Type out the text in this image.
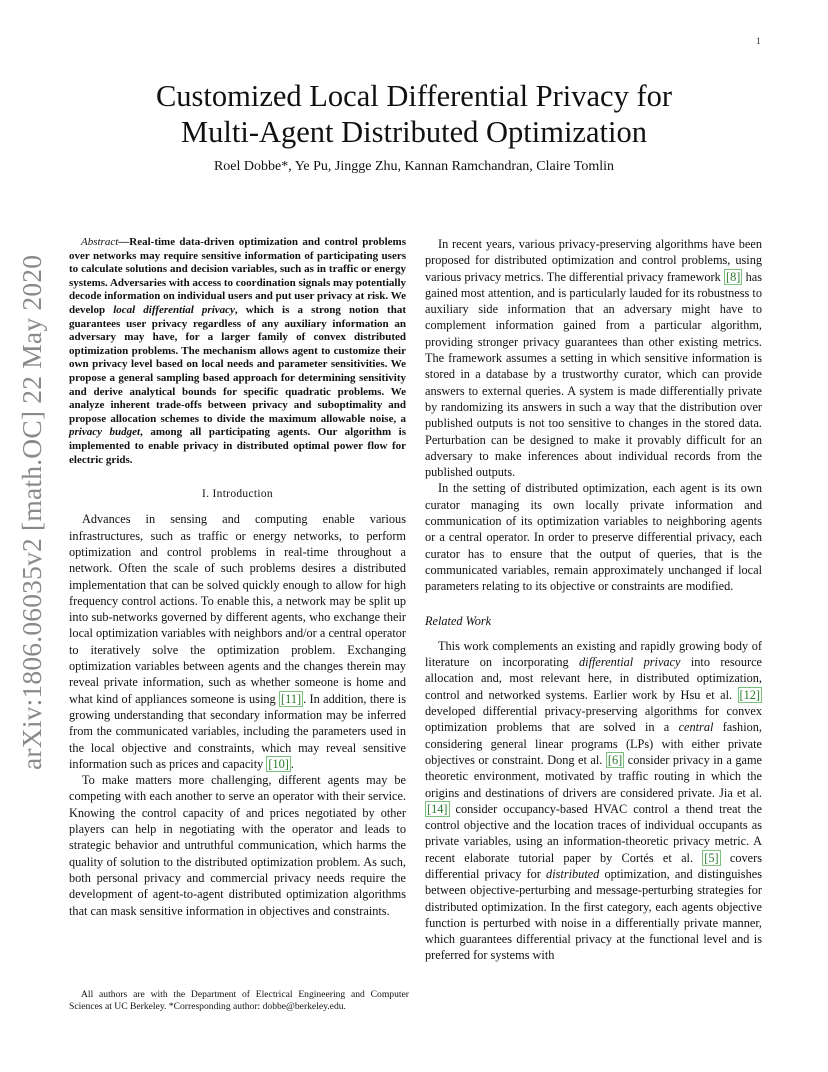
1
arXiv:1806.06035v2 [math.OC] 22 May 2020
Customized Local Differential Privacy for
Multi-Agent Distributed Optimization

Roel Dobbe*, Ye Pu, Jingge Zhu, Kannan Ramchandran, Claire Tomlin

Abstract—Real-time data-driven optimization and control problems over networks may require sensitive information of participating users to calculate solutions and decision variables, such as in traffic or energy systems. Adversaries with access to coordination signals may potentially decode information on individual users and put user privacy at risk. We develop local differential privacy, which is a strong notion that guarantees user privacy regardless of any auxiliary information an adversary may have, for a larger family of convex distributed optimization problems. The mechanism allows agent to customize their own privacy level based on local needs and parameter sensitivities. We propose a general sampling based approach for determining sensitivity and derive analytical bounds for specific quadratic problems. We analyze inherent trade-offs between privacy and suboptimality and propose allocation schemes to divide the maximum allowable noise, a privacy budget, among all participating agents. Our algorithm is implemented to enable privacy in distributed optimal power flow for electric grids.

I. Introduction

Advances in sensing and computing enable various infrastructures, such as traffic or energy networks, to perform optimization and control problems in real-time throughout a network. Often the scale of such problems desires a distributed implementation that can be solved quickly enough to allow for high frequency control actions. To enable this, a network may be split up into sub-networks governed by different agents, who exchange their local optimization variables with neighbors and/or a central operator to iteratively solve the optimization problem. Exchanging optimization variables between agents and the changes therein may reveal private information, such as whether someone is home and what kind of appliances someone is using [11] . In addition, there is growing understanding that secondary information may be inferred from the communicated variables, including the parameters used in the local objective and constraints, which may reveal sensitive information such as prices and capacity [10] .

To make matters more challenging, different agents may be competing with each another to serve an operator with their service. Knowing the control capacity of and prices negotiated by other players can help in negotiating with the operator and leads to strategic behavior and untruthful communication, which harms the quality of solution to the distributed optimization problem. As such, both personal privacy and commercial privacy needs require the development of agent-to-agent distributed optimization algorithms that can mask sensitive information in objectives and constraints.

All authors are with the Department of Electrical Engineering and Computer Sciences at UC Berkeley. *Corresponding author: dobbe@berkeley.edu.

In recent years, various privacy-preserving algorithms have been proposed for distributed optimization and control problems, using various privacy metrics. The differential privacy framework [8] has gained most attention, and is particularly lauded for its robustness to auxiliary side information that an adversary might have to complement information gained from a particular algorithm, providing stronger privacy guarantees than other existing metrics. The framework assumes a setting in which sensitive information is stored in a database by a trustworthy curator, which can provide answers to external queries. A system is made differentially private by randomizing its answers in such a way that the distribution over published outputs is not too sensitive to changes in the stored data. Perturbation can be designed to make it provably difficult for an adversary to make inferences about individual records from the published outputs.

In the setting of distributed optimization, each agent is its own curator managing its own locally private information and communication of its optimization variables to neighboring agents or a central operator. In order to preserve differential privacy, each curator has to ensure that the output of queries, that is the communicated variables, remain approximately unchanged if local parameters relating to its objective or constraints are modified.

Related Work

This work complements an existing and rapidly growing body of literature on incorporating differential privacy into resource allocation and, most relevant here, in distributed optimization, control and networked systems. Earlier work by Hsu et al. [12] developed differential privacy-preserving algorithms for convex optimization problems that are solved in a central fashion, considering general linear programs (LPs) with either private objectives or constraint. Dong et al. [6] consider privacy in a game theoretic environment, motivated by traffic routing in which the origins and destinations of drivers are considered private. Jia et al. [14] consider occupancy-based HVAC control a thend treat the control objective and the location traces of individual occupants as private variables, using an information-theoretic privacy metric. A recent elaborate tutorial paper by Cortés et al. [5] covers differential privacy for distributed optimization, and distinguishes between objective-perturbing and message-perturbing strategies for distributed optimization. In the first category, each agents objective function is perturbed with noise in a differentially private manner, which guarantees differential privacy at the functional level and is preferred for systems with
